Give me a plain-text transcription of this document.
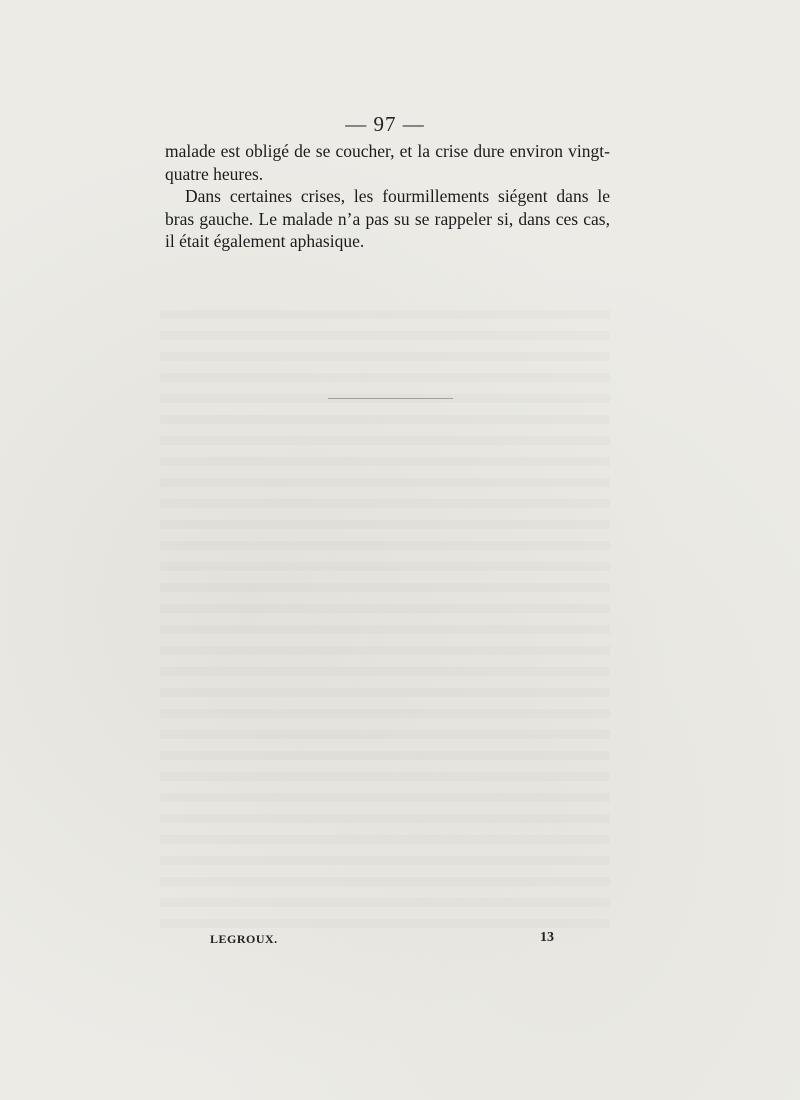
— 97 —

malade est obligé de se coucher, et la crise dure environ vingt-quatre heures.

Dans certaines crises, les fourmillements siégent dans le bras gauche. Le malade n’a pas su se rappeler si, dans ces cas, il était également aphasique.

LEGROUX.	13
